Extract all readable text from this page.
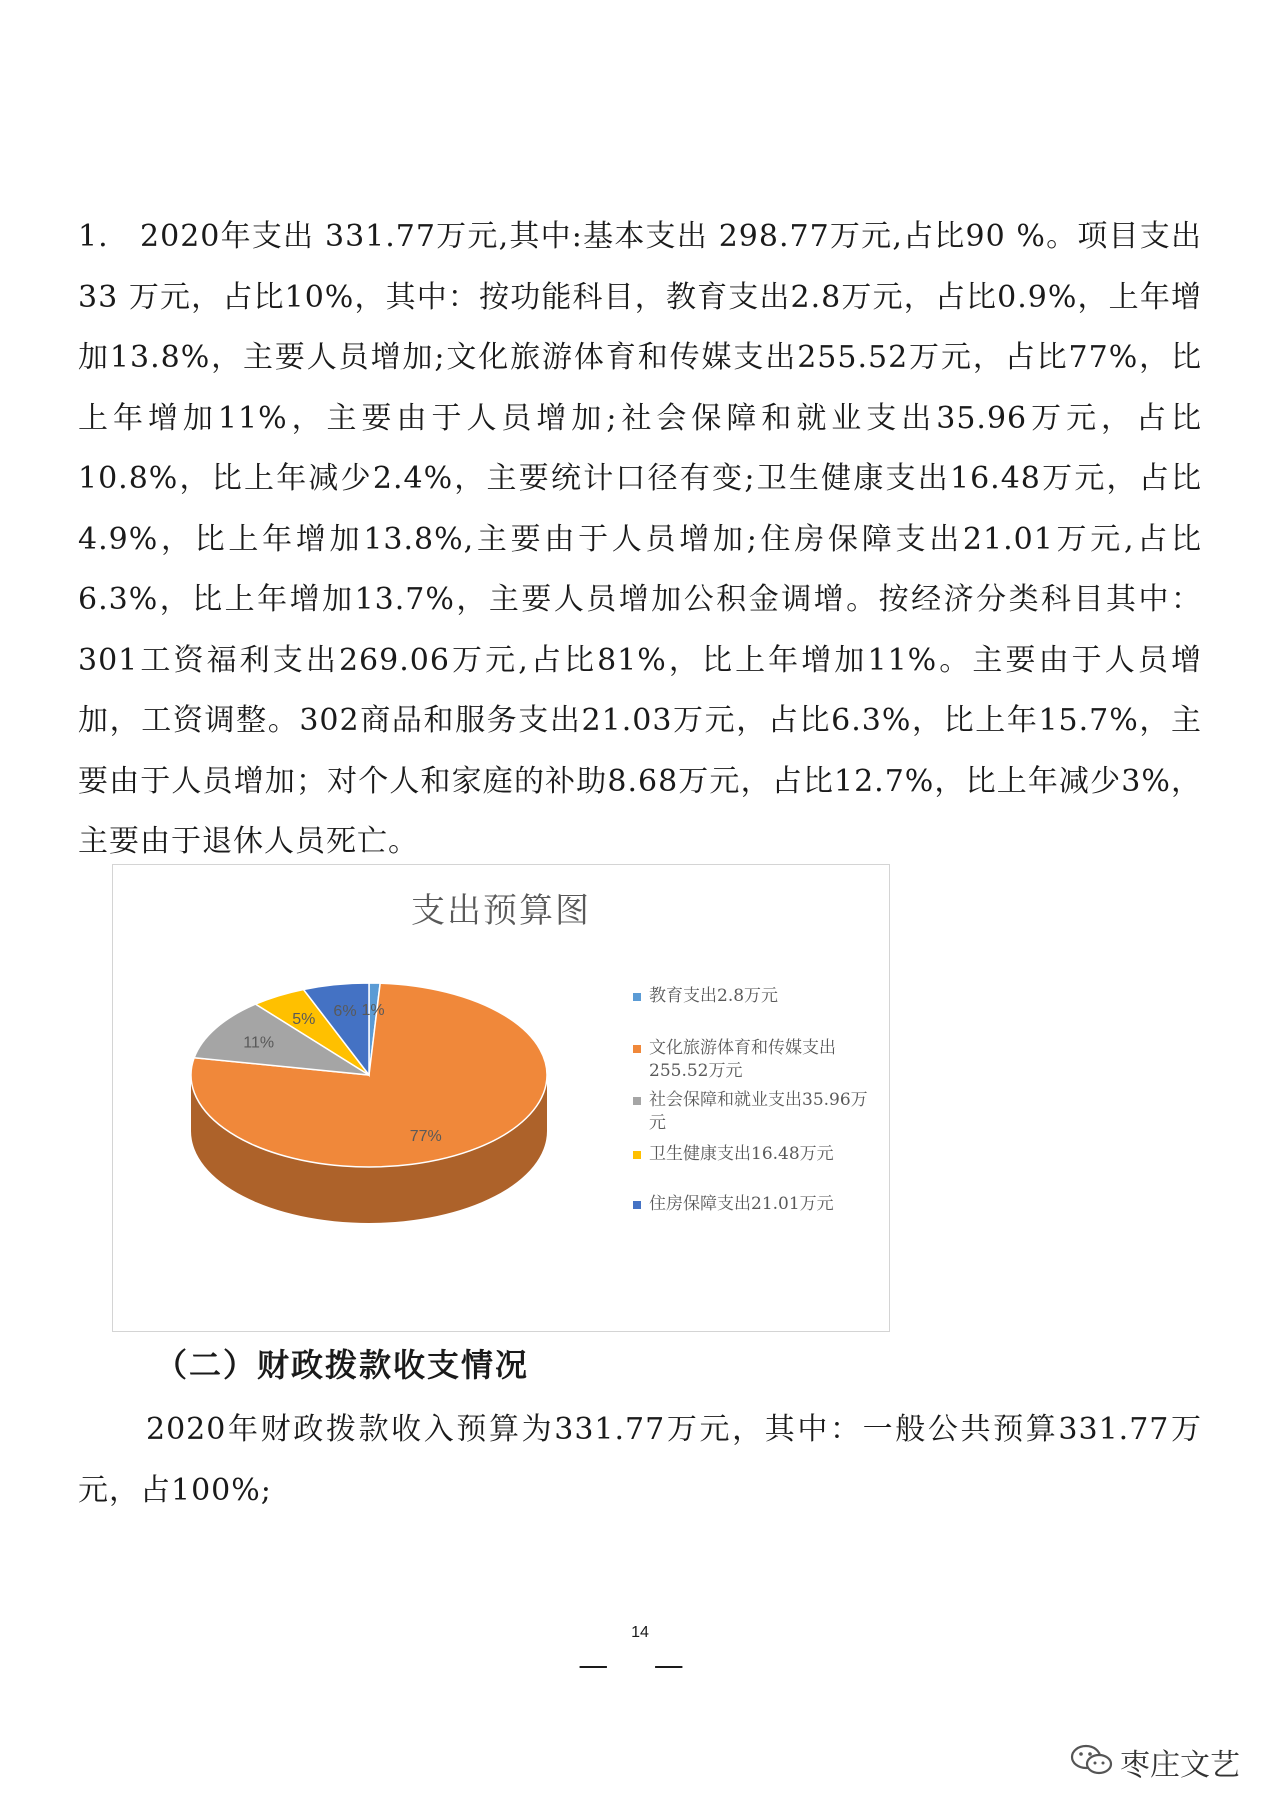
1.　2020年支出 331.77万元,其中:基本支出 298.77万元,占比90 %。项目支出33 万元，占比10%，其中：按功能科目，教育支出2.8万元，占比0.9%，上年增加13.8%，主要人员增加;文化旅游体育和传媒支出255.52万元，占比77%，比上年增加11%，主要由于人员增加;社会保障和就业支出35.96万元，占比10.8%，比上年减少2.4%，主要统计口径有变;卫生健康支出16.48万元，占比4.9%，比上年增加13.8%,主要由于人员增加;住房保障支出21.01万元,占比6.3%，比上年增加13.7%，主要人员增加公积金调增。按经济分类科目其中：301工资福利支出269.06万元,占比81%，比上年增加11%。主要由于人员增加，工资调整。302商品和服务支出21.03万元，占比6.3%，比上年15.7%，主要由于人员增加；对个人和家庭的补助8.68万元，占比12.7%，比上年减少3%，主要由于退休人员死亡。
支出预算图
1%
77%
11%
5% 6%
教育支出2.8万元
文化旅游体育和传媒支出255.52万元
社会保障和就业支出35.96万元
卫生健康支出16.48万元
住房保障支出21.01万元
（二）财政拨款收支情况
2020年财政拨款收入预算为331.77万元，其中：一般公共预算331.77万元，占100%;
14
— —
枣庄文艺
